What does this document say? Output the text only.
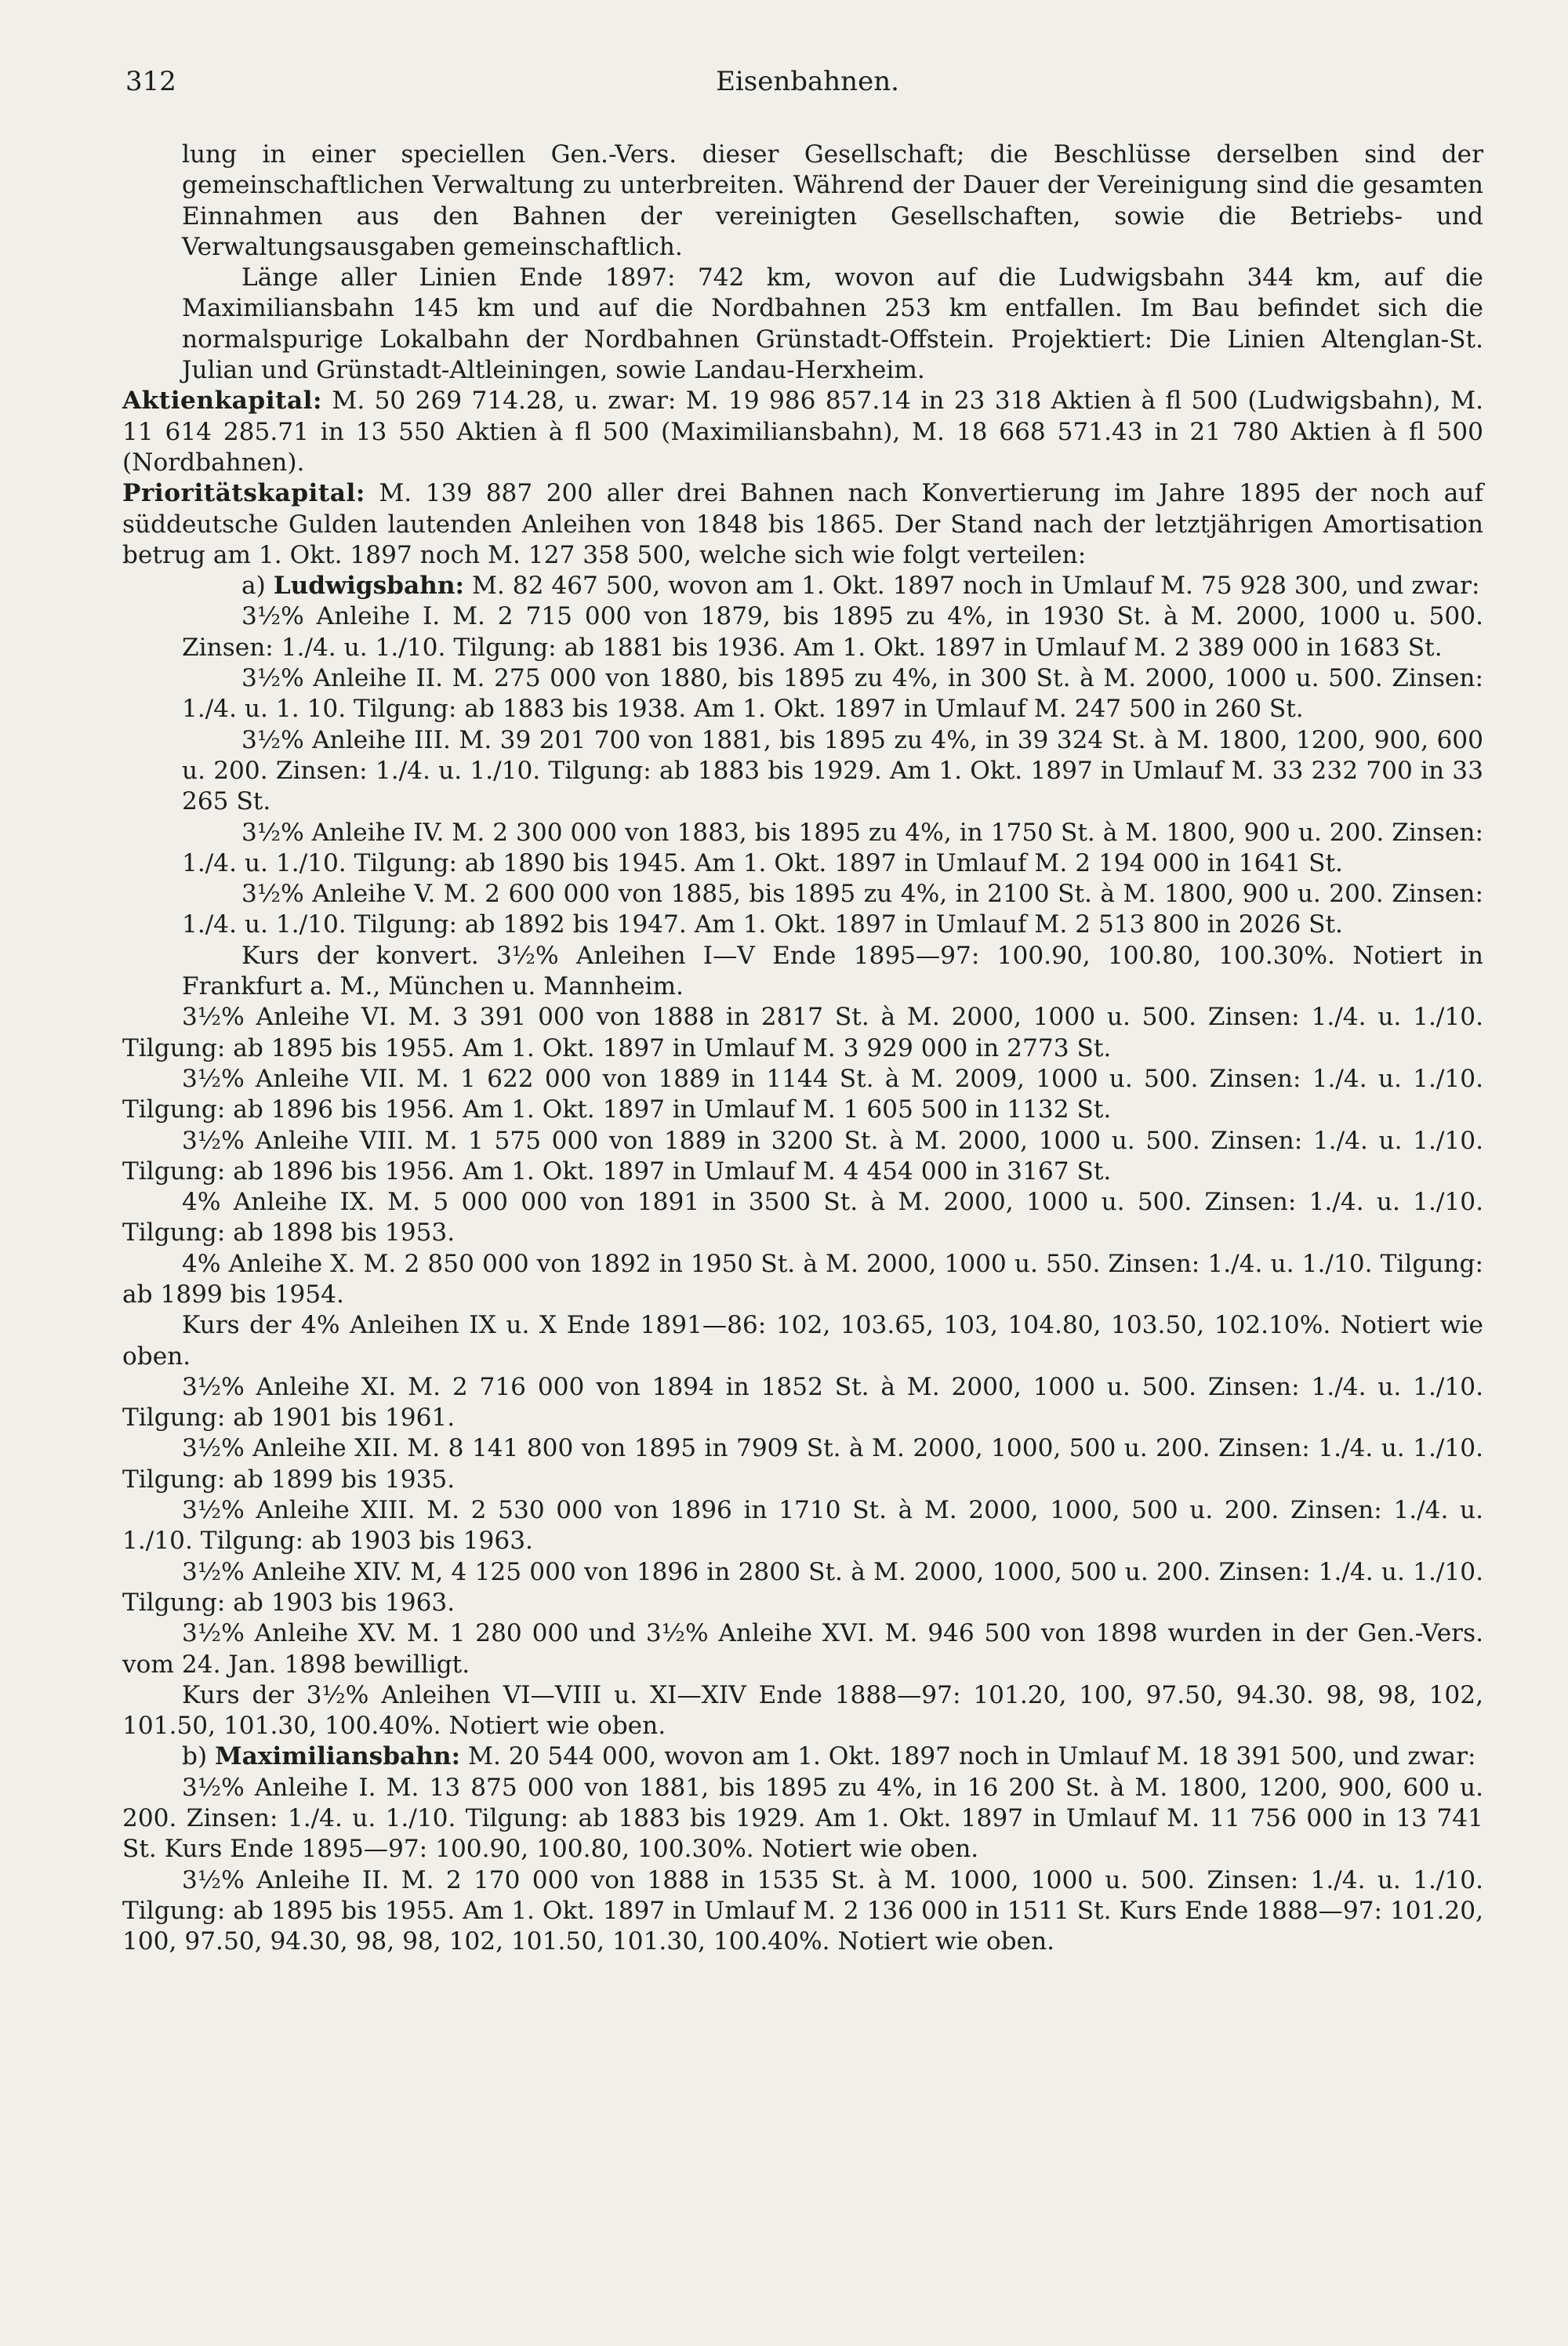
312	Eisenbahnen.

lung in einer speciellen Gen.-Vers. dieser Gesellschaft; die Beschlüsse derselben sind der gemeinschaftlichen Verwaltung zu unterbreiten. Während der Dauer der Vereinigung sind die gesamten Einnahmen aus den Bahnen der vereinigten Gesellschaften, sowie die Betriebs- und Verwaltungsausgaben gemeinschaftlich.

Länge aller Linien Ende 1897: 742 km, wovon auf die Ludwigsbahn 344 km, auf die Maximiliansbahn 145 km und auf die Nordbahnen 253 km entfallen. Im Bau befindet sich die normalspurige Lokalbahn der Nordbahnen Grünstadt-Offstein. Projektiert: Die Linien Altenglan-St. Julian und Grünstadt-Altleiningen, sowie Landau-Herxheim.

Aktienkapital: M. 50 269 714.28, u. zwar: M. 19 986 857.14 in 23 318 Aktien à fl 500 (Ludwigsbahn), M. 11 614 285.71 in 13 550 Aktien à fl 500 (Maximiliansbahn), M. 18 668 571.43 in 21 780 Aktien à fl 500 (Nordbahnen).

Prioritätskapital: M. 139 887 200 aller drei Bahnen nach Konvertierung im Jahre 1895 der noch auf süddeutsche Gulden lautenden Anleihen von 1848 bis 1865. Der Stand nach der letztjährigen Amortisation betrug am 1. Okt. 1897 noch M. 127 358 500, welche sich wie folgt verteilen:

a) Ludwigsbahn: M. 82 467 500, wovon am 1. Okt. 1897 noch in Umlauf M. 75 928 300, und zwar:

3½% Anleihe I. M. 2 715 000 von 1879, bis 1895 zu 4%, in 1930 St. à M. 2000, 1000 u. 500. Zinsen: 1./4. u. 1./10. Tilgung: ab 1881 bis 1936. Am 1. Okt. 1897 in Umlauf M. 2 389 000 in 1683 St.

3½% Anleihe II. M. 275 000 von 1880, bis 1895 zu 4%, in 300 St. à M. 2000, 1000 u. 500. Zinsen: 1./4. u. 1. 10. Tilgung: ab 1883 bis 1938. Am 1. Okt. 1897 in Umlauf M. 247 500 in 260 St.

3½% Anleihe III. M. 39 201 700 von 1881, bis 1895 zu 4%, in 39 324 St. à M. 1800, 1200, 900, 600 u. 200. Zinsen: 1./4. u. 1./10. Tilgung: ab 1883 bis 1929. Am 1. Okt. 1897 in Umlauf M. 33 232 700 in 33 265 St.

3½% Anleihe IV. M. 2 300 000 von 1883, bis 1895 zu 4%, in 1750 St. à M. 1800, 900 u. 200. Zinsen: 1./4. u. 1./10. Tilgung: ab 1890 bis 1945. Am 1. Okt. 1897 in Umlauf M. 2 194 000 in 1641 St.

3½% Anleihe V. M. 2 600 000 von 1885, bis 1895 zu 4%, in 2100 St. à M. 1800, 900 u. 200. Zinsen: 1./4. u. 1./10. Tilgung: ab 1892 bis 1947. Am 1. Okt. 1897 in Umlauf M. 2 513 800 in 2026 St.

Kurs der konvert. 3½% Anleihen I—V Ende 1895—97: 100.90, 100.80, 100.30%. Notiert in Frankfurt a. M., München u. Mannheim.

3½% Anleihe VI. M. 3 391 000 von 1888 in 2817 St. à M. 2000, 1000 u. 500. Zinsen: 1./4. u. 1./10. Tilgung: ab 1895 bis 1955. Am 1. Okt. 1897 in Umlauf M. 3 929 000 in 2773 St.

3½% Anleihe VII. M. 1 622 000 von 1889 in 1144 St. à M. 2009, 1000 u. 500. Zinsen: 1./4. u. 1./10. Tilgung: ab 1896 bis 1956. Am 1. Okt. 1897 in Umlauf M. 1 605 500 in 1132 St.

3½% Anleihe VIII. M. 1 575 000 von 1889 in 3200 St. à M. 2000, 1000 u. 500. Zinsen: 1./4. u. 1./10. Tilgung: ab 1896 bis 1956. Am 1. Okt. 1897 in Umlauf M. 4 454 000 in 3167 St.

4% Anleihe IX. M. 5 000 000 von 1891 in 3500 St. à M. 2000, 1000 u. 500. Zinsen: 1./4. u. 1./10. Tilgung: ab 1898 bis 1953.

4% Anleihe X. M. 2 850 000 von 1892 in 1950 St. à M. 2000, 1000 u. 550. Zinsen: 1./4. u. 1./10. Tilgung: ab 1899 bis 1954.

Kurs der 4% Anleihen IX u. X Ende 1891—86: 102, 103.65, 103, 104.80, 103.50, 102.10%. Notiert wie oben.

3½% Anleihe XI. M. 2 716 000 von 1894 in 1852 St. à M. 2000, 1000 u. 500. Zinsen: 1./4. u. 1./10. Tilgung: ab 1901 bis 1961.

3½% Anleihe XII. M. 8 141 800 von 1895 in 7909 St. à M. 2000, 1000, 500 u. 200. Zinsen: 1./4. u. 1./10. Tilgung: ab 1899 bis 1935.

3½% Anleihe XIII. M. 2 530 000 von 1896 in 1710 St. à M. 2000, 1000, 500 u. 200. Zinsen: 1./4. u. 1./10. Tilgung: ab 1903 bis 1963.

3½% Anleihe XIV. M, 4 125 000 von 1896 in 2800 St. à M. 2000, 1000, 500 u. 200. Zinsen: 1./4. u. 1./10. Tilgung: ab 1903 bis 1963.

3½% Anleihe XV. M. 1 280 000 und 3½% Anleihe XVI. M. 946 500 von 1898 wurden in der Gen.-Vers. vom 24. Jan. 1898 bewilligt.

Kurs der 3½% Anleihen VI—VIII u. XI—XIV Ende 1888—97: 101.20, 100, 97.50, 94.30. 98, 98, 102, 101.50, 101.30, 100.40%. Notiert wie oben.

b) Maximiliansbahn: M. 20 544 000, wovon am 1. Okt. 1897 noch in Umlauf M. 18 391 500, und zwar:

3½% Anleihe I. M. 13 875 000 von 1881, bis 1895 zu 4%, in 16 200 St. à M. 1800, 1200, 900, 600 u. 200. Zinsen: 1./4. u. 1./10. Tilgung: ab 1883 bis 1929. Am 1. Okt. 1897 in Umlauf M. 11 756 000 in 13 741 St. Kurs Ende 1895—97: 100.90, 100.80, 100.30%. Notiert wie oben.

3½% Anleihe II. M. 2 170 000 von 1888 in 1535 St. à M. 1000, 1000 u. 500. Zinsen: 1./4. u. 1./10. Tilgung: ab 1895 bis 1955. Am 1. Okt. 1897 in Umlauf M. 2 136 000 in 1511 St. Kurs Ende 1888—97: 101.20, 100, 97.50, 94.30, 98, 98, 102, 101.50, 101.30, 100.40%. Notiert wie oben.
